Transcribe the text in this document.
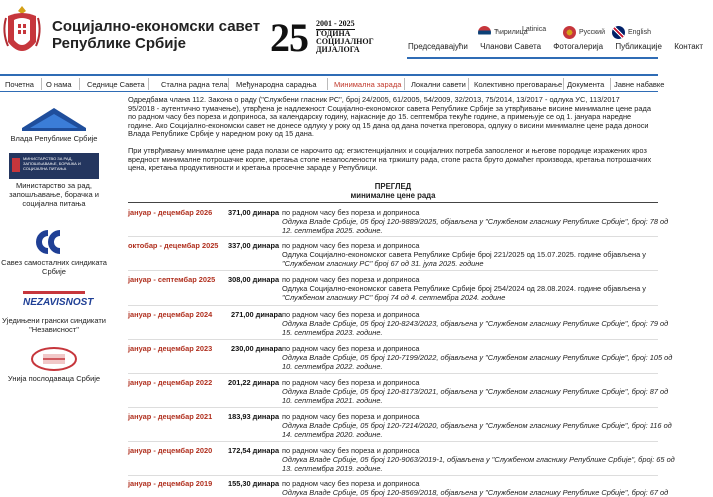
Социјално-економски савет
Републике Србије	25 2001 - 2025
ГОДИНА
СОЦИЈАЛНОГ
ДИЈАЛОГА
Ћирилица
Latinica	Русский	English
Председавајући Чланови Савета Фотогалерија Публикације Контакт
Почетна О нама Седнице Савета Стална радна тела Међународна сарадња Минимална зарада Локални савети Колективно преговарање Документа Јавне набавке
Влада Републике Србије
МИНИСТАРСТВО ЗА РАД, ЗАПОШЉАВАЊЕ, БОРАЧКА И СОЦИЈАЛНА ПИТАЊА
Министарство за рад, запошљавање, борачка и социјална питања
Савез самосталних синдиката Србије
NEZAVISNOST
Уједињени грански синдикати "Независност"
Унија послодаваца Србије
Одредбама члана 112. Закона о раду ("Службени гласник РС", број 24/2005, 61/2005, 54/2009, 32/2013, 75/2014, 13/2017 - одлука УС, 113/2017
95/2018 - аутентично тумачење), утврђена је надлежност Социјално-економског савета Републике Србије за утврђивање висине минималне цене рада
по радном часу без пореза и доприноса, за календарску годину, најкасније до 15. септембра текуће године, а примењује се од 1. јануара наредне
године. Ако Социјално-економски савет не донесе одлуку у року од 15 дана од дана почетка преговора, одлуку о висини минималне цене рада доноси
Влада Републике Србије у наредном року од 15 дана.
При утврђивању минималне цене рада полази се нарочито од: егзистенцијалних и социјалних потреба запосленог и његове породице изражених кроз
вредност минималне потрошачке корпе, кретања стопе незапослености на тржишту рада, стопе раста бруто домаћег производа, кретања потрошачких
цена, кретања продуктивности и кретања просечне зараде у Републици.
ПРЕГЛЕД
минималне цене рада
јануар - децембар 2026 371,00 динара по радном часу без пореза и доприноса
Одлука Владе Србије, 05 број 120-9889/2025, објављена у "Службеном гласнику Републике Србије", број: 78 од
12. септембра 2025. године.
октобар - децембар 2025 337,00 динара по радном часу без пореза и доприноса
Одлука Социјално-економског савета Републике Србије број 221/2025 од 15.07.2025. године објављена у
"Службеном гласнику РС" број 67 од 31. јула 2025. године
јануар - септембар 2025 308,00 динара по радном часу без пореза и доприноса
Одлука Социјално-економског савета Републике Србије број 254/2024 од 28.08.2024. године објављена у
"Службеном гласнику РС" број 74 од 4. септембра 2024. године
јануар - децембар 2024	271,00 динара по радном часу без пореза и доприноса
Одлука Владе Србије, 05 број 120-8243/2023, објављена у "Службеном гласнику Републике Србије", број: 79 од
15. септембра 2023. године.
јануар - децембар 2023	230,00 динара по радном часу без пореза и доприноса
Одлука Владе Србије, 05 број 120-7199/2022, објављена у "Службеном гласнику Републике Србије", број: 105 од
10. септембра 2022. године.
јануар - децембар 2022 201,22 динара по радном часу без пореза и доприноса
Одлука Владе Србије, 05 број 120-8173/2021, објављена у "Службеном гласнику Републике Србије", број: 87 од
10. септембра 2021. године.
јануар - децембар 2021 183,93 динара по радном часу без пореза и доприноса
Одлука Владе Србије, 05 број 120-7214/2020, објављена у "Службеном гласнику Републике Србије", број: 116 од
14. септембра 2020. године.
јануар - децембар 2020 172,54 динара по радном часу без пореза и доприноса
Одлука Владе Србије, 05 број 120-9063/2019-1, објављена у "Службеном гласнику Републике Србије", број: 65 од
13. септембра 2019. године.
јануар - децембар 2019 155,30 динара по радном часу без пореза и доприноса
Одлука Владе Србије, 05 број 120-8569/2018, објављена у "Службеном гласнику Републике Србије", број: 67 од
